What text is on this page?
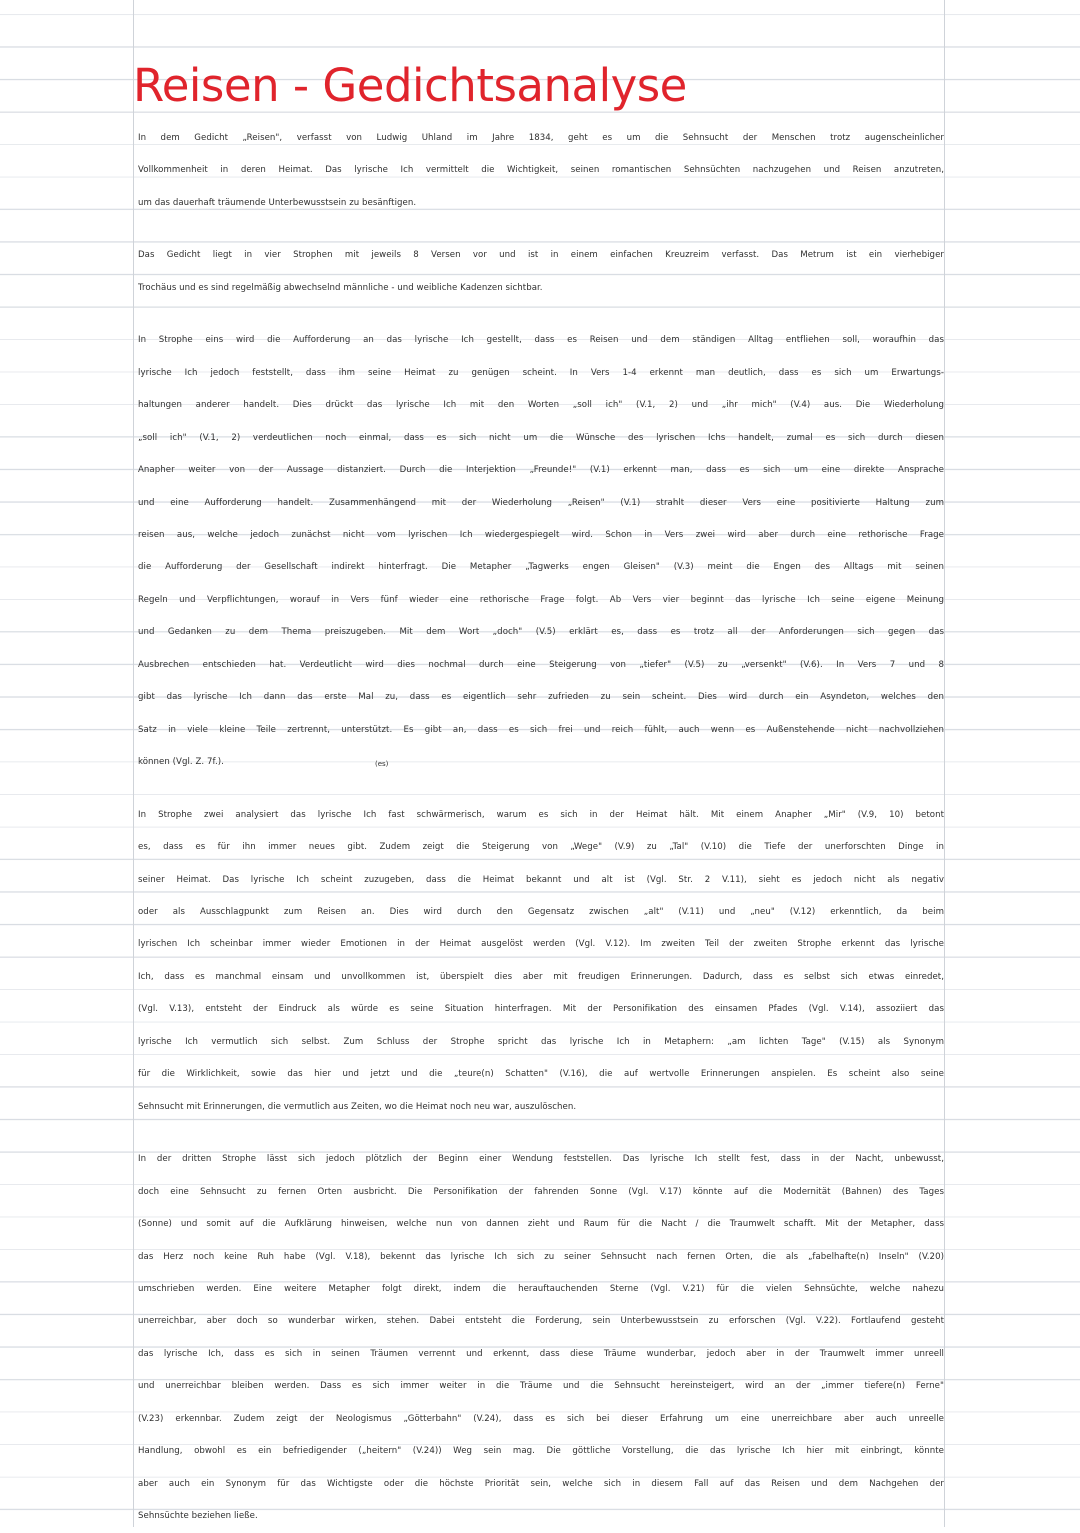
Reisen - Gedichtsanalyse
In dem Gedicht „Reisen", verfasst von Ludwig Uhland im Jahre 1834, geht es um die Sehnsucht der Menschen trotz augenscheinlicher
Vollkommenheit in deren Heimat. Das lyrische Ich vermittelt die Wichtigkeit, seinen romantischen Sehnsüchten nachzugehen und Reisen anzutreten,
um das dauerhaft träumende Unterbewusstsein zu besänftigen.
Das Gedicht liegt in vier Strophen mit jeweils 8 Versen vor und ist in einem einfachen Kreuzreim verfasst. Das Metrum ist ein vierhebiger
Trochäus und es sind regelmäßig abwechselnd männliche - und weibliche Kadenzen sichtbar.
In Strophe eins wird die Aufforderung an das lyrische Ich gestellt, dass es Reisen und dem ständigen Alltag entfliehen soll, woraufhin das
lyrische Ich jedoch feststellt, dass ihm seine Heimat zu genügen scheint. In Vers 1-4 erkennt man deutlich, dass es sich um Erwartungs-
haltungen anderer handelt. Dies drückt das lyrische Ich mit den Worten „soll ich" (V.1, 2) und „ihr mich" (V.4) aus. Die Wiederholung
„soll ich" (V.1, 2) verdeutlichen noch einmal, dass es sich nicht um die Wünsche des lyrischen Ichs handelt, zumal es sich durch diesen
Anapher weiter von der Aussage distanziert. Durch die Interjektion „Freunde!" (V.1) erkennt man, dass es sich um eine direkte Ansprache
und eine Aufforderung handelt. Zusammenhängend mit der Wiederholung „Reisen" (V.1) strahlt dieser Vers eine positivierte Haltung zum
reisen aus, welche jedoch zunächst nicht vom lyrischen Ich wiedergespiegelt wird. Schon in Vers zwei wird aber durch eine rethorische Frage
die Aufforderung der Gesellschaft indirekt hinterfragt. Die Metapher „Tagwerks engen Gleisen" (V.3) meint die Engen des Alltags mit seinen
Regeln und Verpflichtungen, worauf in Vers fünf wieder eine rethorische Frage folgt. Ab Vers vier beginnt das lyrische Ich seine eigene Meinung
und Gedanken zu dem Thema preiszugeben. Mit dem Wort „doch" (V.5) erklärt es, dass es trotz all der Anforderungen sich gegen das
Ausbrechen entschieden hat. Verdeutlicht wird dies nochmal durch eine Steigerung von „tiefer" (V.5) zu „versenkt" (V.6). In Vers 7 und 8
gibt das lyrische Ich dann das erste Mal zu, dass es eigentlich sehr zufrieden zu sein scheint. Dies wird durch ein Asyndeton, welches den
Satz in viele kleine Teile zertrennt, unterstützt. Es gibt an, dass es sich frei und reich fühlt, auch wenn es Außenstehende nicht nachvollziehen
können (Vgl. Z. 7f.).
In Strophe zwei analysiert das lyrische Ich fast schwärmerisch, warum es sich in der Heimat hält. Mit einem Anapher „Mir" (V.9, 10) betont
es, dass es für ihn immer neues gibt. Zudem zeigt die Steigerung von „Wege" (V.9) zu „Tal" (V.10) die Tiefe der unerforschten Dinge in
seiner Heimat. Das lyrische Ich scheint zuzugeben, dass die Heimat bekannt und alt ist (Vgl. Str. 2 V.11), sieht es jedoch nicht als negativ
oder als Ausschlagpunkt zum Reisen an. Dies wird durch den Gegensatz zwischen „alt" (V.11) und „neu" (V.12) erkenntlich, da beim
lyrischen Ich scheinbar immer wieder Emotionen in der Heimat ausgelöst werden (Vgl. V.12). Im zweiten Teil der zweiten Strophe erkennt das lyrische
Ich, dass es manchmal einsam und unvollkommen ist, überspielt dies aber mit freudigen Erinnerungen. Dadurch, dass es selbst sich etwas einredet,
(Vgl. V.13), entsteht der Eindruck als würde es seine Situation hinterfragen. Mit der Personifikation des einsamen Pfades (Vgl. V.14), assoziiert das
lyrische Ich vermutlich sich selbst. Zum Schluss der Strophe spricht das lyrische Ich in Metaphern: „am lichten Tage" (V.15) als Synonym
für die Wirklichkeit, sowie das hier und jetzt und die „teure(n) Schatten" (V.16), die auf wertvolle Erinnerungen anspielen. Es scheint also seine
Sehnsucht mit Erinnerungen, die vermutlich aus Zeiten, wo die Heimat noch neu war, auszulöschen.
In der dritten Strophe lässt sich jedoch plötzlich der Beginn einer Wendung feststellen. Das lyrische Ich stellt fest, dass in der Nacht, unbewusst,
doch eine Sehnsucht zu fernen Orten ausbricht. Die Personifikation der fahrenden Sonne (Vgl. V.17) könnte auf die Modernität (Bahnen) des Tages
(Sonne) und somit auf die Aufklärung hinweisen, welche nun von dannen zieht und Raum für die Nacht / die Traumwelt schafft. Mit der Metapher, dass
das Herz noch keine Ruh habe (Vgl. V.18), bekennt das lyrische Ich sich zu seiner Sehnsucht nach fernen Orten, die als „fabelhafte(n) Inseln" (V.20)
umschrieben werden. Eine weitere Metapher folgt direkt, indem die herauftauchenden Sterne (Vgl. V.21) für die vielen Sehnsüchte, welche nahezu
unerreichbar, aber doch so wunderbar wirken, stehen. Dabei entsteht die Forderung, sein Unterbewusstsein zu erforschen (Vgl. V.22). Fortlaufend gesteht
das lyrische Ich, dass es sich in seinen Träumen verrennt und erkennt, dass diese Träume wunderbar, jedoch aber in der Traumwelt immer unreell
und unerreichbar bleiben werden. Dass es sich immer weiter in die Träume und die Sehnsucht hereinsteigert, wird an der „immer tiefere(n) Ferne"
(V.23) erkennbar. Zudem zeigt der Neologismus „Götterbahn" (V.24), dass es sich bei dieser Erfahrung um eine unerreichbare aber auch unreelle
Handlung, obwohl es ein befriedigender („heitern" (V.24)) Weg sein mag. Die göttliche Vorstellung, die das lyrische Ich hier mit einbringt, könnte
aber auch ein Synonym für das Wichtigste oder die höchste Priorität sein, welche sich in diesem Fall auf das Reisen und dem Nachgehen der
Sehnsüchte beziehen ließe.
(es)
